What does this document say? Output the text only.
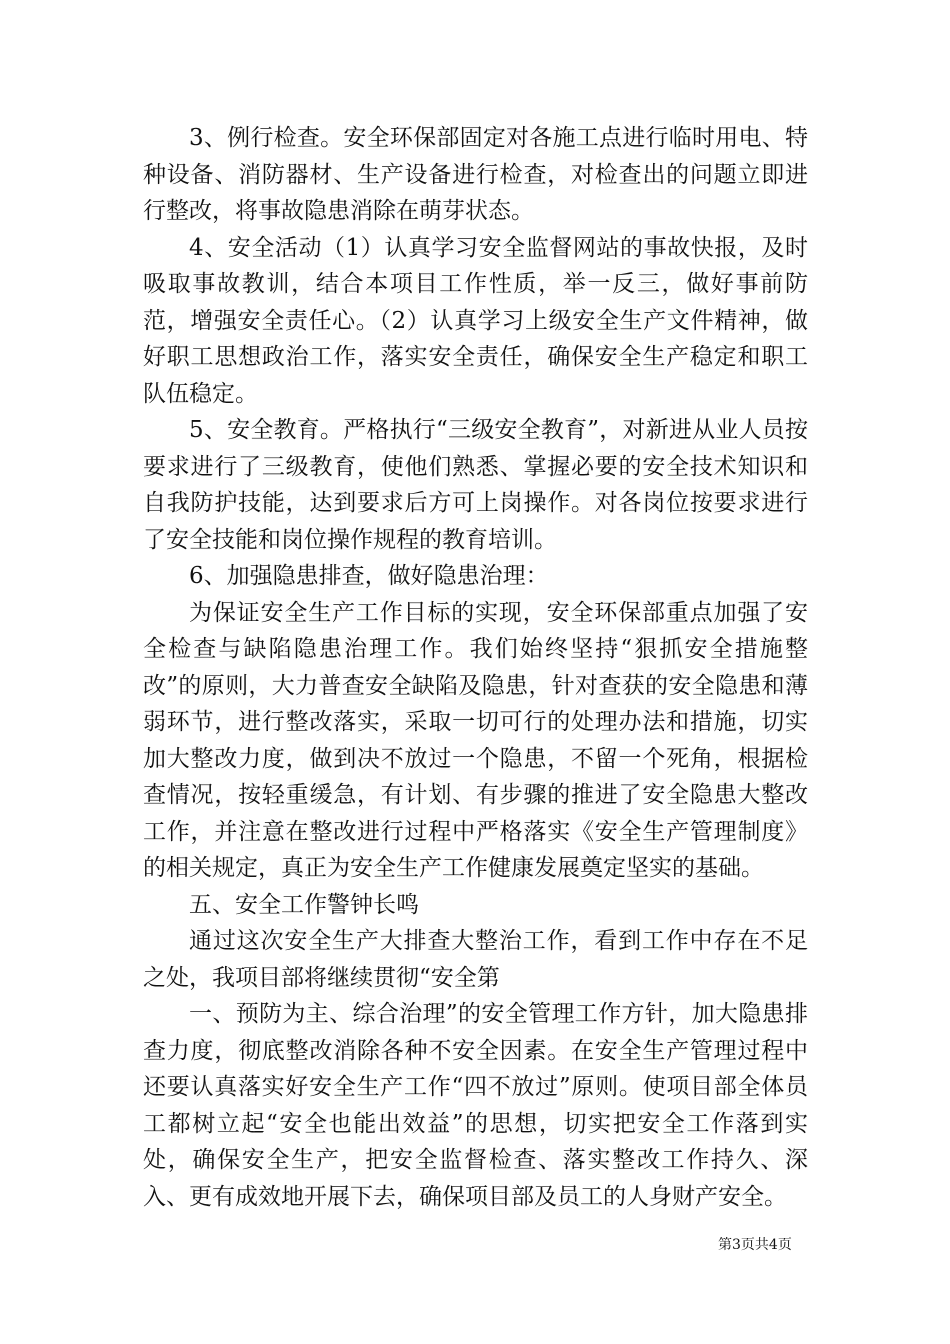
3、例行检查。安全环保部固定对各施工点进行临时用电、特种设备、消防器材、生产设备进行检查，对检查出的问题立即进行整改，将事故隐患消除在萌芽状态。

4、安全活动（1）认真学习安全监督网站的事故快报，及时吸取事故教训，结合本项目工作性质，举一反三，做好事前防范，增强安全责任心。（2）认真学习上级安全生产文件精神，做好职工思想政治工作，落实安全责任，确保安全生产稳定和职工队伍稳定。

5、安全教育。严格执行“三级安全教育”，对新进从业人员按要求进行了三级教育，使他们熟悉、掌握必要的安全技术知识和自我防护技能，达到要求后方可上岗操作。对各岗位按要求进行了安全技能和岗位操作规程的教育培训。

6、加强隐患排查，做好隐患治理：

为保证安全生产工作目标的实现，安全环保部重点加强了安全检查与缺陷隐患治理工作。我们始终坚持“狠抓安全措施整改”的原则，大力普查安全缺陷及隐患，针对查获的安全隐患和薄弱环节，进行整改落实，采取一切可行的处理办法和措施，切实加大整改力度，做到决不放过一个隐患，不留一个死角，根据检查情况，按轻重缓急，有计划、有步骤的推进了安全隐患大整改工作，并注意在整改进行过程中严格落实《安全生产管理制度》的相关规定，真正为安全生产工作健康发展奠定坚实的基础。

五、安全工作警钟长鸣

通过这次安全生产大排查大整治工作，看到工作中存在不足之处，我项目部将继续贯彻“安全第

一、预防为主、综合治理”的安全管理工作方针，加大隐患排查力度，彻底整改消除各种不安全因素。在安全生产管理过程中还要认真落实好安全生产工作“四不放过”原则。使项目部全体员工都树立起“安全也能出效益”的思想，切实把安全工作落到实处，确保安全生产，把安全监督检查、落实整改工作持久、深入、更有成效地开展下去，确保项目部及员工的人身财产安全。

第3页共4页
